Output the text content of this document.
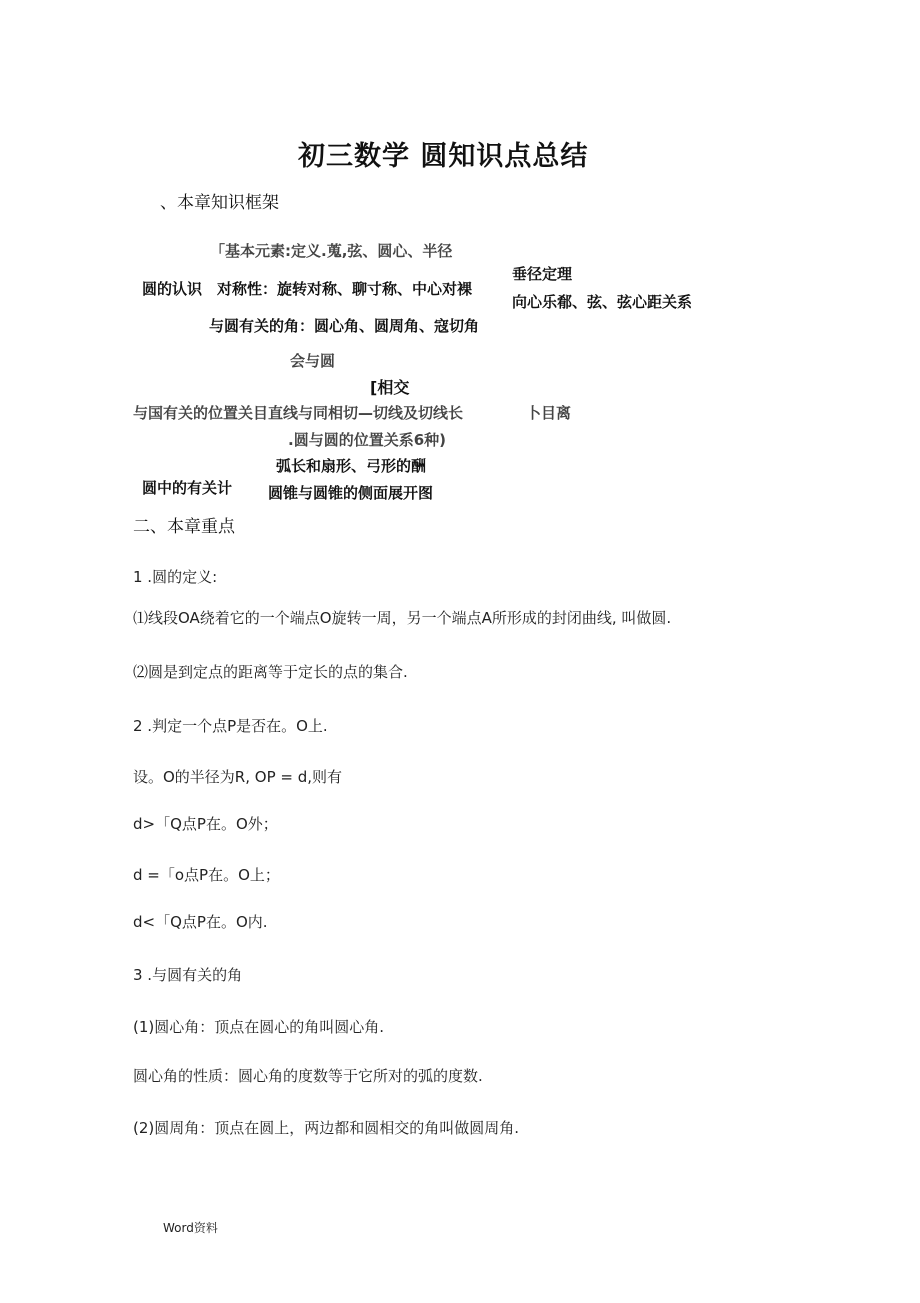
初三数学 圆知识点总结
、本章知识框架
「基本元素:定义.蒐,弦、圆心、半径
圆的认识 对称性：旋转对称、聊寸称、中心对裸
垂径定理
向心乐郩、弦、弦心距关系
与圆有关的角：圆心角、圆周角、寇切角
会与圆
[相交
与国有关的位置关目直线与同相切—切线及切线长	卜目离
.圆与圆的位置关系6种)
弧长和扇形、弓形的酬
圆中的有关计 圆锥与圆锥的侧面展开图
二、本章重点
1 .圆的定义:
⑴线段OA绕着它的一个端点O旋转一周，另一个端点A所形成的封闭曲线, 叫做圆.
⑵圆是到定点的距离等于定长的点的集合.
2 .判定一个点P是否在。O上.
设。O的半径为R, OP = d,则有
d>「Q点P在。O外；
d =「o点P在。O上；
d<「Q点P在。O内.
3 .与圆有关的角
(1)圆心角：顶点在圆心的角叫圆心角.
圆心角的性质：圆心角的度数等于它所对的弧的度数.
(2)圆周角：顶点在圆上，两边都和圆相交的角叫做圆周角.
Word资料
